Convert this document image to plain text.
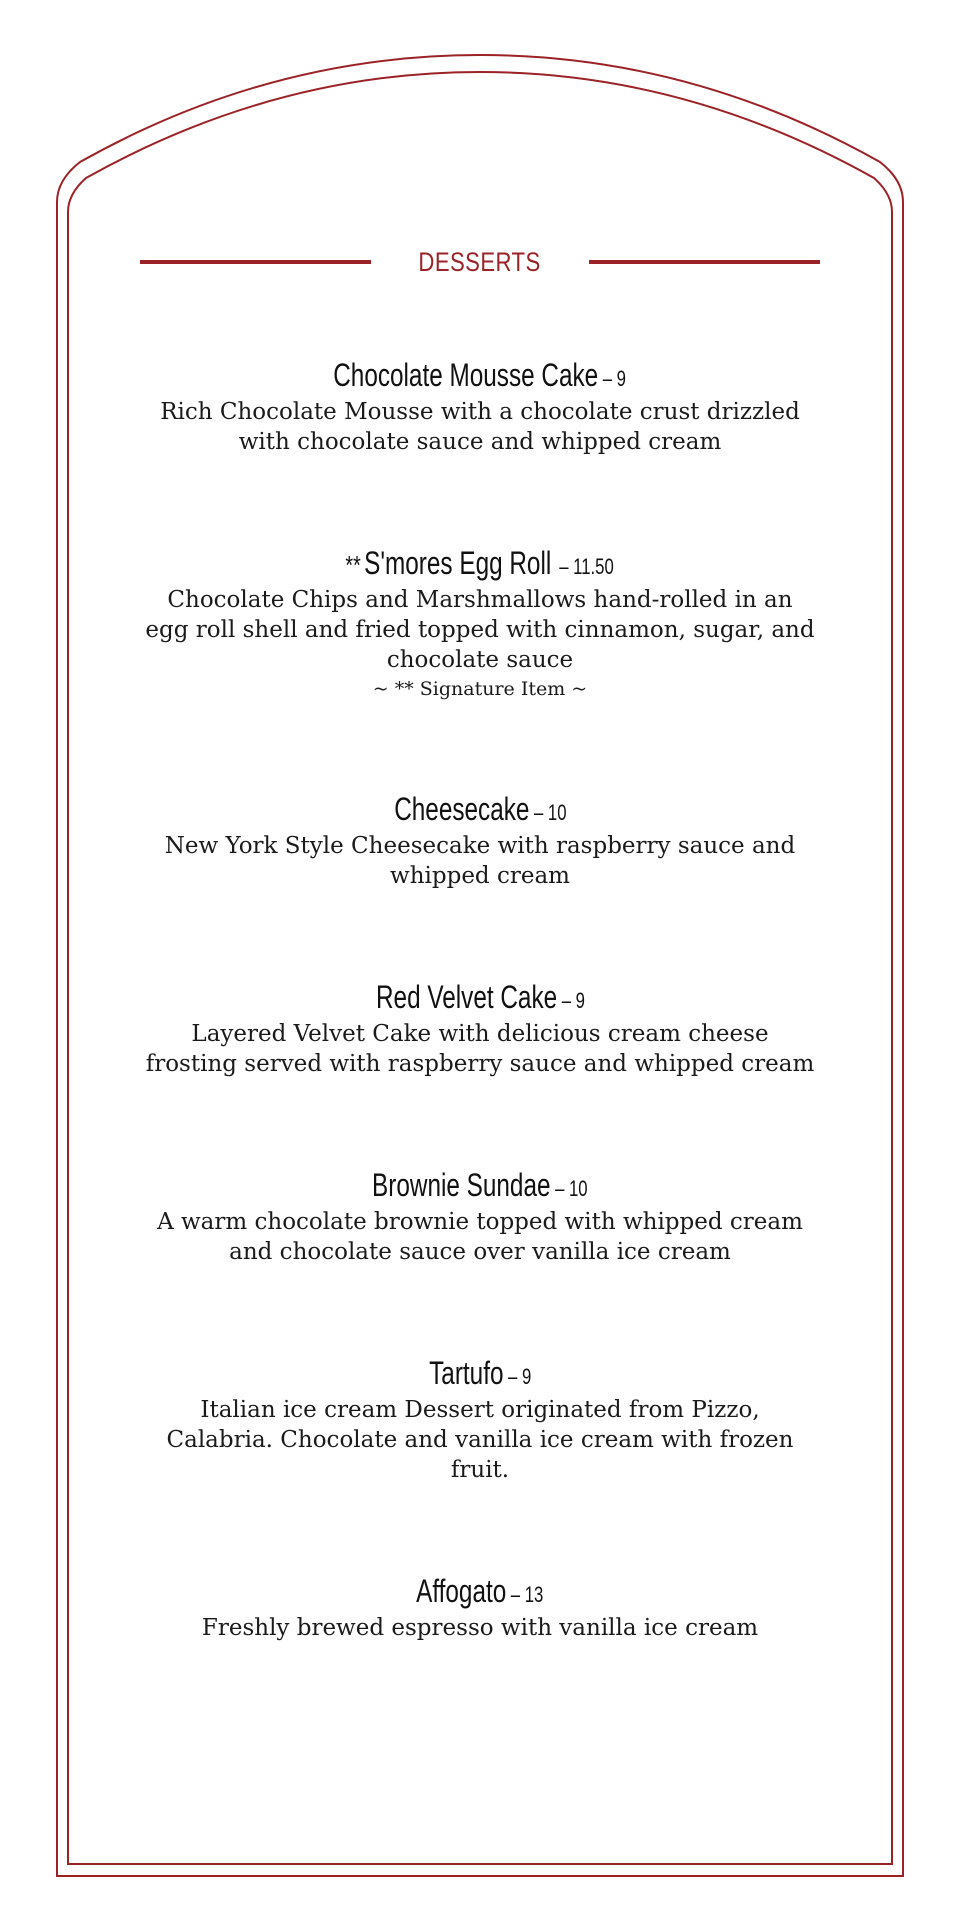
DESSERTS
Chocolate Mousse Cake – 9
Rich Chocolate Mousse with a chocolate crust drizzled with chocolate sauce and whipped cream
** S'mores Egg Roll – 11.50
Chocolate Chips and Marshmallows hand-rolled in an egg roll shell and fried topped with cinnamon, sugar, and chocolate sauce
~ ** Signature Item ~
Cheesecake – 10
New York Style Cheesecake with raspberry sauce and whipped cream
Red Velvet Cake – 9
Layered Velvet Cake with delicious cream cheese frosting served with raspberry sauce and whipped cream
Brownie Sundae – 10
A warm chocolate brownie topped with whipped cream and chocolate sauce over vanilla ice cream
Tartufo – 9
Italian ice cream Dessert originated from Pizzo, Calabria. Chocolate and vanilla ice cream with frozen fruit.
Affogato – 13
Freshly brewed espresso with vanilla ice cream
